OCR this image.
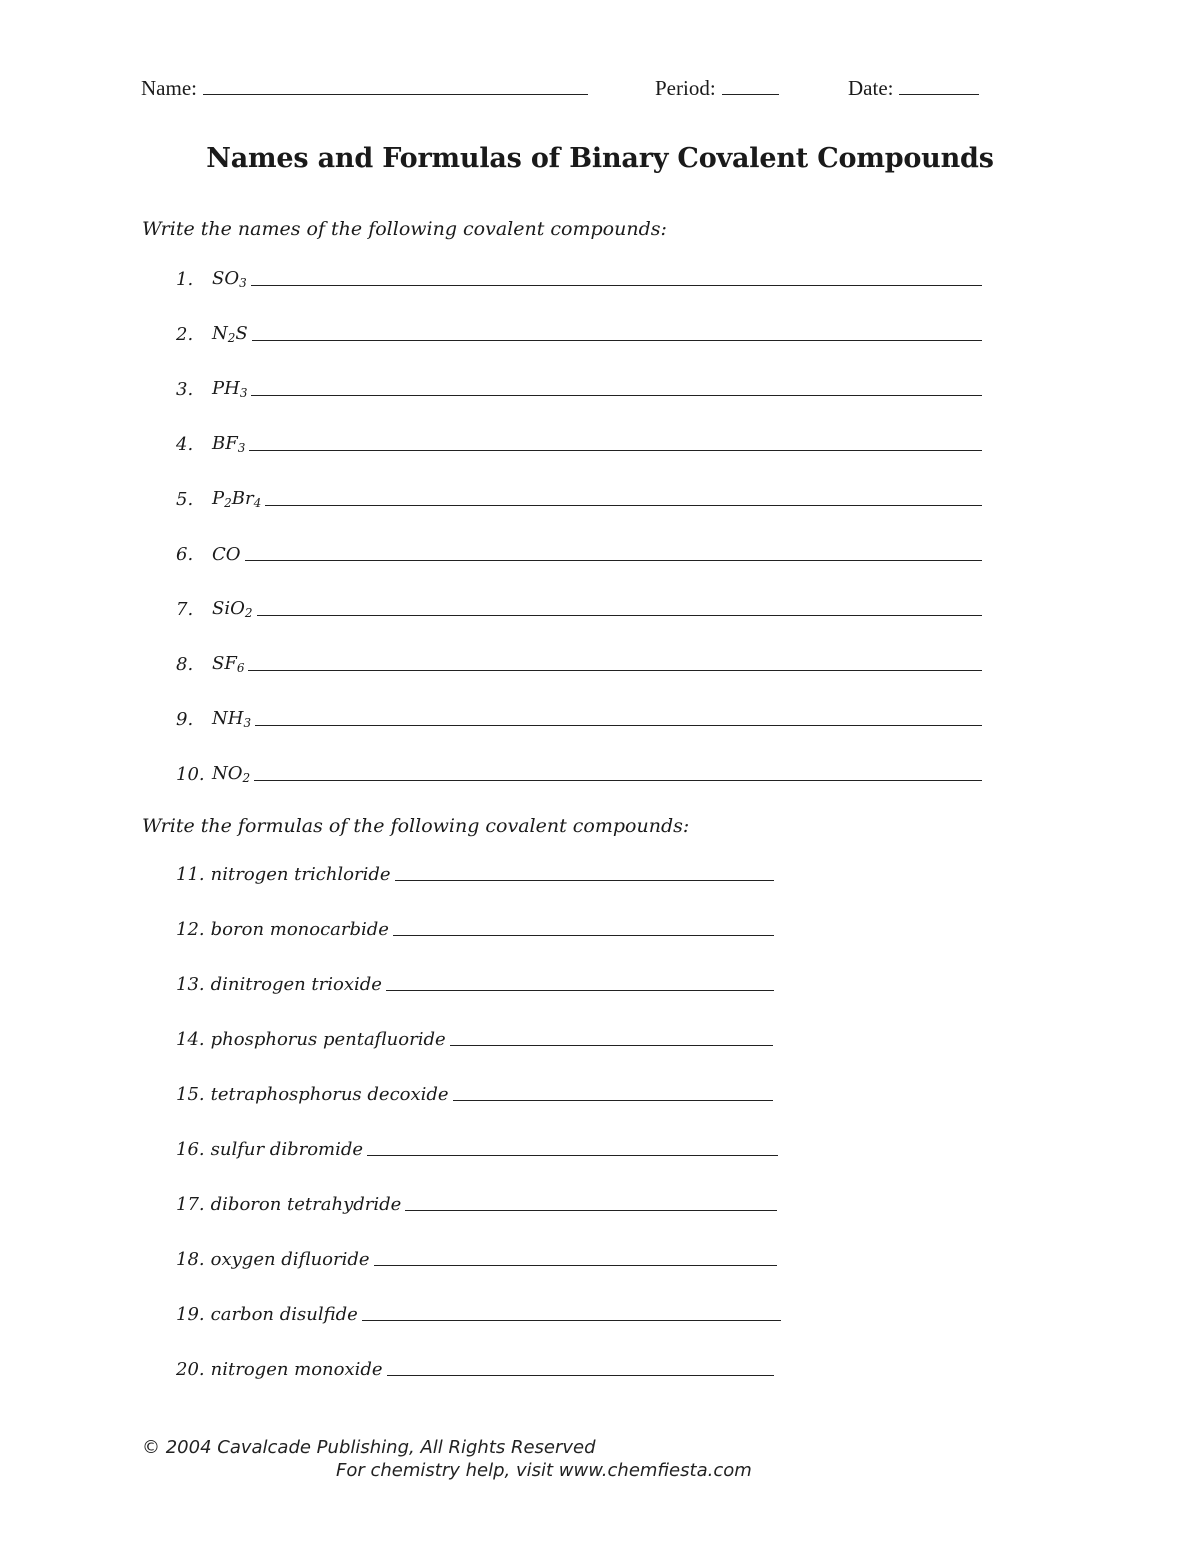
Name:	Period:	Date:
Names and Formulas of Binary Covalent Compounds
Write the names of the following covalent compounds:
1.	$SO_3$
2.	$N_2S$
3.	$PH_3$
4.	$BF_3$
5.	$P_2Br_4$
6.	CO
7.	SiO$_2$
8.	$SF_6$
9.	$NH_3$
10. $NO_2$
Write the formulas of the following covalent compounds:
11. nitrogen trichloride
12. boron monocarbide
13. dinitrogen trioxide
14. phosphorus pentafluoride
15. tetraphosphorus decoxide
16. sulfur dibromide
17. diboron tetrahydride
18. oxygen difluoride
19. carbon disulfide
20. nitrogen monoxide
© 2004 Cavalcade Publishing, All Rights Reserved
For chemistry help, visit www.chemfiesta.com
